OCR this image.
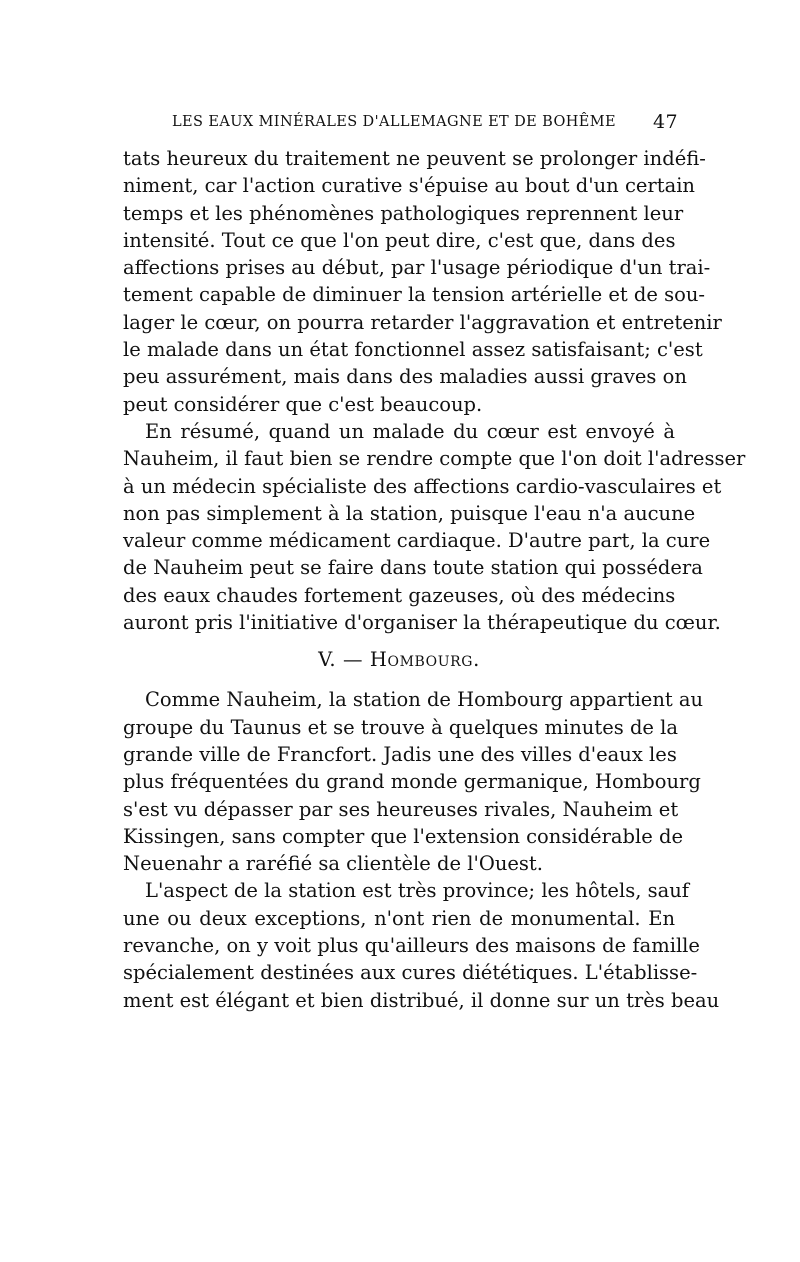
LES EAUX MINÉRALES D'ALLEMAGNE ET DE BOHÊME 47
tats heureux du traitement ne peuvent se prolonger indéfi-
niment, car l'action curative s'épuise au bout d'un certain
temps et les phénomènes pathologiques reprennent leur
intensité. Tout ce que l'on peut dire, c'est que, dans des
affections prises au début, par l'usage périodique d'un trai-
tement capable de diminuer la tension artérielle et de sou-
lager le cœur, on pourra retarder l'aggravation et entretenir
le malade dans un état fonctionnel assez satisfaisant; c'est
peu assurément, mais dans des maladies aussi graves on
peut considérer que c'est beaucoup.
En résumé, quand un malade du cœur est envoyé à
Nauheim, il faut bien se rendre compte que l'on doit l'adresser
à un médecin spécialiste des affections cardio-vasculaires et
non pas simplement à la station, puisque l'eau n'a aucune
valeur comme médicament cardiaque. D'autre part, la cure
de Nauheim peut se faire dans toute station qui possédera
des eaux chaudes fortement gazeuses, où des médecins
auront pris l'initiative d'organiser la thérapeutique du cœur.
V. — Hombourg.
Comme Nauheim, la station de Hombourg appartient au
groupe du Taunus et se trouve à quelques minutes de la
grande ville de Francfort. Jadis une des villes d'eaux les
plus fréquentées du grand monde germanique, Hombourg
s'est vu dépasser par ses heureuses rivales, Nauheim et
Kissingen, sans compter que l'extension considérable de
Neuenahr a raréfié sa clientèle de l'Ouest.
L'aspect de la station est très province; les hôtels, sauf
une ou deux exceptions, n'ont rien de monumental. En
revanche, on y voit plus qu'ailleurs des maisons de famille
spécialement destinées aux cures diététiques. L'établisse-
ment est élégant et bien distribué, il donne sur un très beau
